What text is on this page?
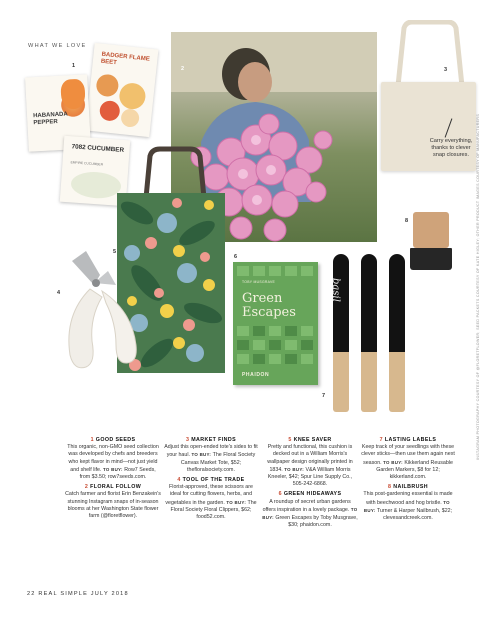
WHAT WE LOVE
1
BADGER FLAME BEET
HABANADA PEPPER
7082 CUCUMBER
EMPIRE CUCUMBER
2	3
Carry everything, thanks to clever snap closures.
5
4
6
TOBY MUSGRAVE
Green
Escapes
PHAIDON
basil
7
8

1 GOOD SEEDS
This organic, non-GMO seed collection was developed by chefs and breeders who kept flavor in mind—not just yield and shelf life. TO BUY: Row7 Seeds, from $3.50; row7seeds.com.

2 FLORAL FOLLOW
Catch farmer and florist Erin Benzakein's stunning Instagram snaps of in-season blooms at her Washington State flower farm (@floretflower).

3 MARKET FINDS
Adjust this open-ended tote's sides to fit your haul. TO BUY: The Floral Society Canvas Market Tote, $52; thefloralsociety.com.

4 TOOL OF THE TRADE
Florist-approved, these scissors are ideal for cutting flowers, herbs, and vegetables in the garden. TO BUY: The Floral Society Floral Clippers, $62; food52.com.

5 KNEE SAVER
Pretty and functional, this cushion is decked out in a William Morris's wallpaper design originally printed in 1834. TO BUY: V&A William Morris Kneeler, $42; Spur Line Supply Co., 505-242-6868.

6 GREEN HIDEAWAYS
A roundup of secret urban gardens offers inspiration in a lovely package. TO BUY: Green Escapes by Toby Musgrave, $30; phaidon.com.

7 LASTING LABELS
Keep track of your seedlings with these clever sticks—then use them again next season. TO BUY: Kikkerland Reusable Garden Markers, $8 for 12; kikkerland.com.

8 NAILBRUSH
This post-gardening essential is made with beechwood and hog bristle. TO BUY: Turner & Harper Nailbrush, $22; clevesandcreek.com.

22 REAL SIMPLE JULY 2018
INSTAGRAM PHOTOGRAPHY COURTESY OF @FLORETFLOWER; SEED PACKETS COURTESY OF KATE HIGLEY; OTHER PRODUCT IMAGES COURTESY OF MANUFACTURERS
